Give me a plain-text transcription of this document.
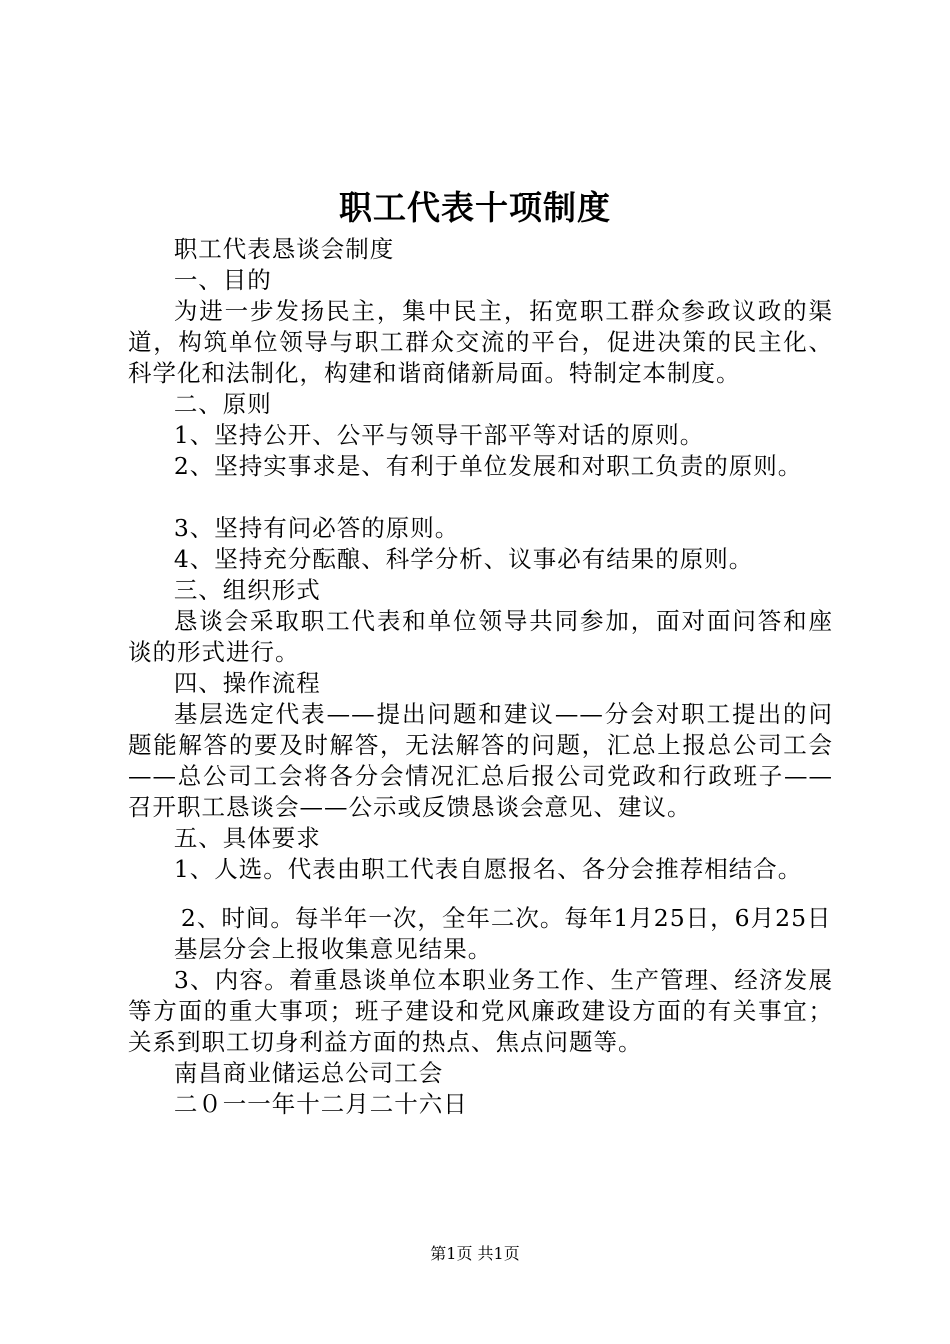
职工代表十项制度

职工代表恳谈会制度

一、目的

为进一步发扬民主，集中民主，拓宽职工群众参政议政的渠道，构筑单位领导与职工群众交流的平台，促进决策的民主化、科学化和法制化，构建和谐商储新局面。特制定本制度。

二、原则

1、坚持公开、公平与领导干部平等对话的原则。

2、坚持实事求是、有利于单位发展和对职工负责的原则。

3、坚持有问必答的原则。

4、坚持充分酝酿、科学分析、议事必有结果的原则。

三、组织形式

恳谈会采取职工代表和单位领导共同参加，面对面问答和座谈的形式进行。

四、操作流程

基层选定代表——提出问题和建议——分会对职工提出的问题能解答的要及时解答，无法解答的问题，汇总上报总公司工会——总公司工会将各分会情况汇总后报公司党政和行政班子——召开职工恳谈会——公示或反馈恳谈会意见、建议。

五、具体要求

1、人选。代表由职工代表自愿报名、各分会推荐相结合。

2、时间。每半年一次，全年二次。每年1月25日，6月25日

基层分会上报收集意见结果。

3、内容。着重恳谈单位本职业务工作、生产管理、经济发展等方面的重大事项；班子建设和党风廉政建设方面的有关事宜；关系到职工切身利益方面的热点、焦点问题等。

南昌商业储运总公司工会

二０一一年十二月二十六日

第1页 共1页
